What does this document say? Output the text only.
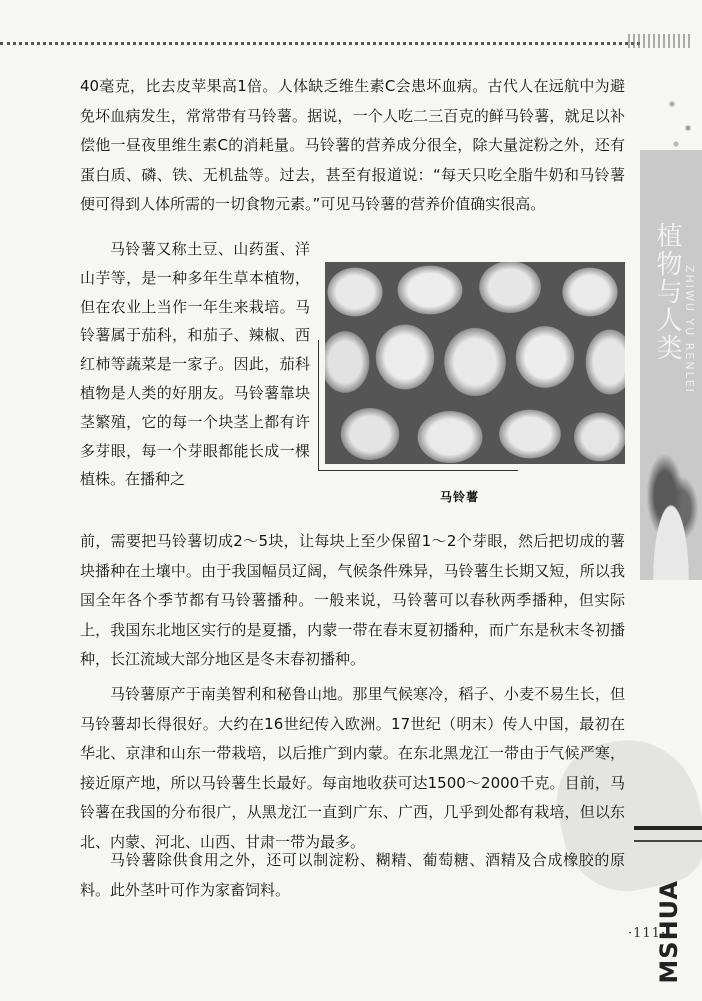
植物与人类 ZHIWU YU RENLEI

40毫克，比去皮苹果高1倍。人体缺乏维生素C会患坏血病。古代人在远航中为避免坏血病发生，常常带有马铃薯。据说，一个人吃二三百克的鲜马铃薯，就足以补偿他一昼夜里维生素C的消耗量。马铃薯的营养成分很全，除大量淀粉之外，还有蛋白质、磷、铁、无机盐等。过去，甚至有报道说：“每天只吃全脂牛奶和马铃薯便可得到人体所需的一切食物元素。”可见马铃薯的营养价值确实很高。

马铃薯又称土豆、山药蛋、洋山芋等，是一种多年生草本植物，但在农业上当作一年生来栽培。马铃薯属于茄科，和茄子、辣椒、西红柿等蔬菜是一家子。因此，茄科植物是人类的好朋友。马铃薯靠块茎繁殖，它的每一个块茎上都有许多芽眼，每一个芽眼都能长成一棵植株。在播种之

马铃薯

前，需要把马铃薯切成2～5块，让每块上至少保留1～2个芽眼，然后把切成的薯块播种在土壤中。由于我国幅员辽阔，气候条件殊异，马铃薯生长期又短，所以我国全年各个季节都有马铃薯播种。一般来说，马铃薯可以春秋两季播种，但实际上，我国东北地区实行的是夏播，内蒙一带在春末夏初播种，而广东是秋末冬初播种，长江流域大部分地区是冬末春初播种。

马铃薯原产于南美智利和秘鲁山地。那里气候寒冷，稻子、小麦不易生长，但马铃薯却长得很好。大约在16世纪传入欧洲。17世纪（明末）传人中国，最初在华北、京津和山东一带栽培，以后推广到内蒙。在东北黑龙江一带由于气候严寒，接近原产地，所以马铃薯生长最好。每亩地收获可达1500～2000千克。目前，马铃薯在我国的分布很广，从黑龙江一直到广东、广西，几乎到处都有栽培，但以东北、内蒙、河北、山西、甘肃一带为最多。

马铃薯除供食用之外，还可以制淀粉、糊精、葡萄糖、酒精及合成橡胶的原料。此外茎叶可作为家畜饲料。

·111·
MSHUA
